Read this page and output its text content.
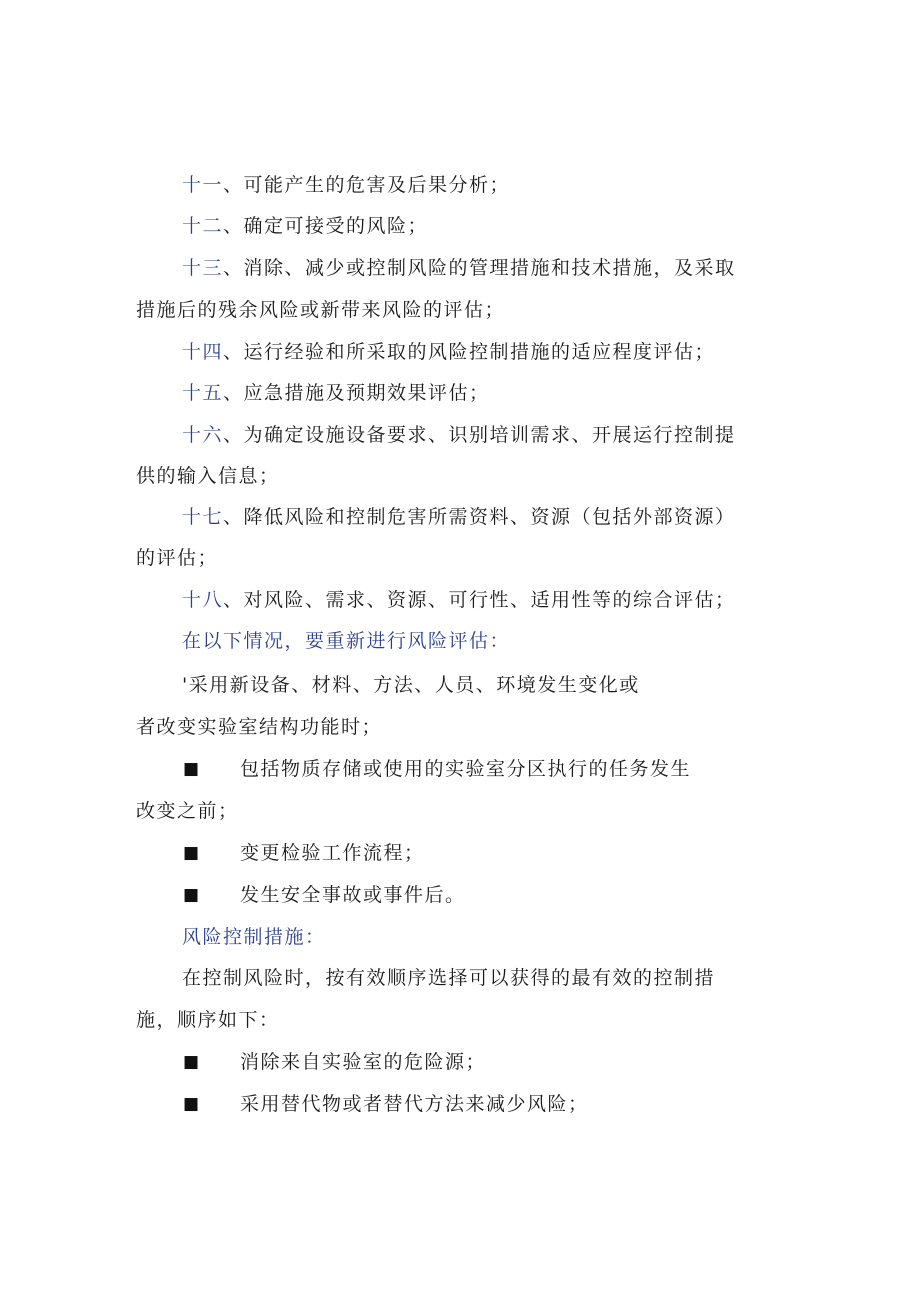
十一、可能产生的危害及后果分析；
十二、确定可接受的风险；
十三、消除、减少或控制风险的管理措施和技术措施，及采取
措施后的残余风险或新带来风险的评估；
十四、运行经验和所采取的风险控制措施的适应程度评估；
十五、应急措施及预期效果评估；
十六、为确定设施设备要求、识别培训需求、开展运行控制提
供的输入信息；
十七、降低风险和控制危害所需资料、资源（包括外部资源）
的评估；
十八、对风险、需求、资源、可行性、适用性等的综合评估；
在以下情况，要重新进行风险评估：
'采用新设备、材料、方法、人员、环境发生变化或
者改变实验室结构功能时；
■ 包括物质存储或使用的实验室分区执行的任务发生
改变之前；
■ 变更检验工作流程；
■ 发生安全事故或事件后。
风险控制措施：
在控制风险时，按有效顺序选择可以获得的最有效的控制措
施，顺序如下：
■ 消除来自实验室的危险源；
■ 采用替代物或者替代方法来减少风险；
